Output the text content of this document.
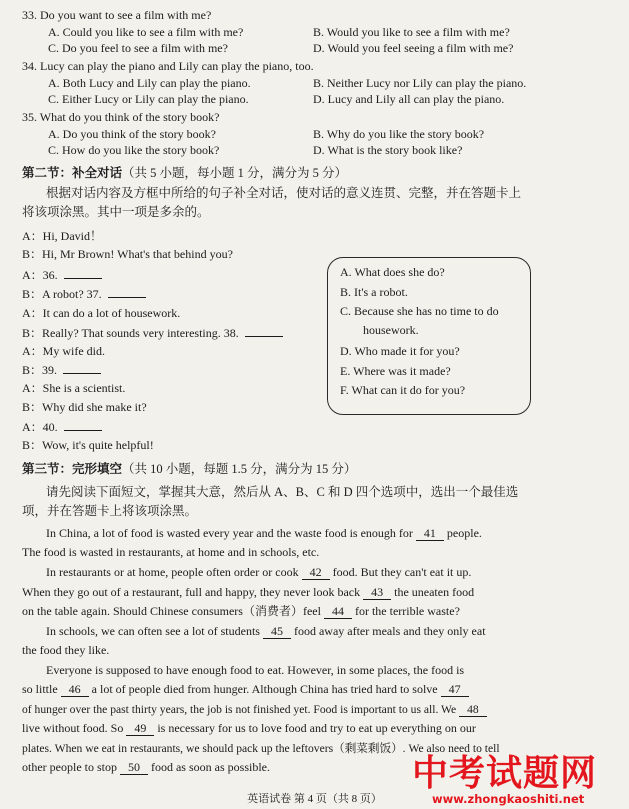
33. Do you want to see a film with me?
A. Could you like to see a film with me?	B. Would you like to see a film with me?
C. Do you feel to see a film with me?	D. Would you feel seeing a film with me?
34. Lucy can play the piano and Lily can play the piano, too.
A. Both Lucy and Lily can play the piano.	B. Neither Lucy nor Lily can play the piano.
C. Either Lucy or Lily can play the piano.	D. Lucy and Lily all can play the piano.
35. What do you think of the story book?
A. Do you think of the story book?	B. Why do you like the story book?
C. How do you like the story book?	D. What is the story book like?
第二节：补全对话（共 5 小题，每小题 1 分，满分为 5 分）
根据对话内容及方框中所给的句子补全对话，使对话的意义连贯、完整，并在答题卡上
将该项涂黑。其中一项是多余的。
A：Hi, David！
B：Hi, Mr Brown! What's that behind you?
A：36.
B：A robot? 37.
A：It can do a lot of housework.
B：Really? That sounds very interesting. 38.
A：My wife did.
B：39.
A：She is a scientist.
B：Why did she make it?
A：40.
B：Wow, it's quite helpful!
A. What does she do?
B. It's a robot.
C. Because she has no time to do
housework.
D. Who made it for you?
E. Where was it made?
F. What can it do for you?
第三节：完形填空（共 10 小题，每题 1.5 分，满分为 15 分）
请先阅读下面短文，掌握其大意，然后从 A、B、C 和 D 四个选项中，选出一个最佳选
项，并在答题卡上将该项涂黑。
In China, a lot of food is wasted every year and the waste food is enough for 41 people.
The food is wasted in restaurants, at home and in schools, etc.
In restaurants or at home, people often order or cook 42 food. But they can't eat it up.
When they go out of a restaurant, full and happy, they never look back 43 the uneaten food
on the table again. Should Chinese consumers（消费者）feel 44 for the terrible waste?
In schools, we can often see a lot of students 45 food away after meals and they only eat
the food they like.
Everyone is supposed to have enough food to eat. However, in some places, the food is
so little 46 a lot of people died from hunger. Although China has tried hard to solve 47
of hunger over the past thirty years, the job is not finished yet. Food is important to us all. We 48
live without food. So 49 is necessary for us to love food and try to eat up everything on our
plates. When we eat in restaurants, we should pack up the leftovers（剩菜剩饭）. We also need to tell
other people to stop 50 food as soon as possible.
英语试卷 第 4 页（共 8 页）
中考试题网
www.zhongkaoshiti.net
